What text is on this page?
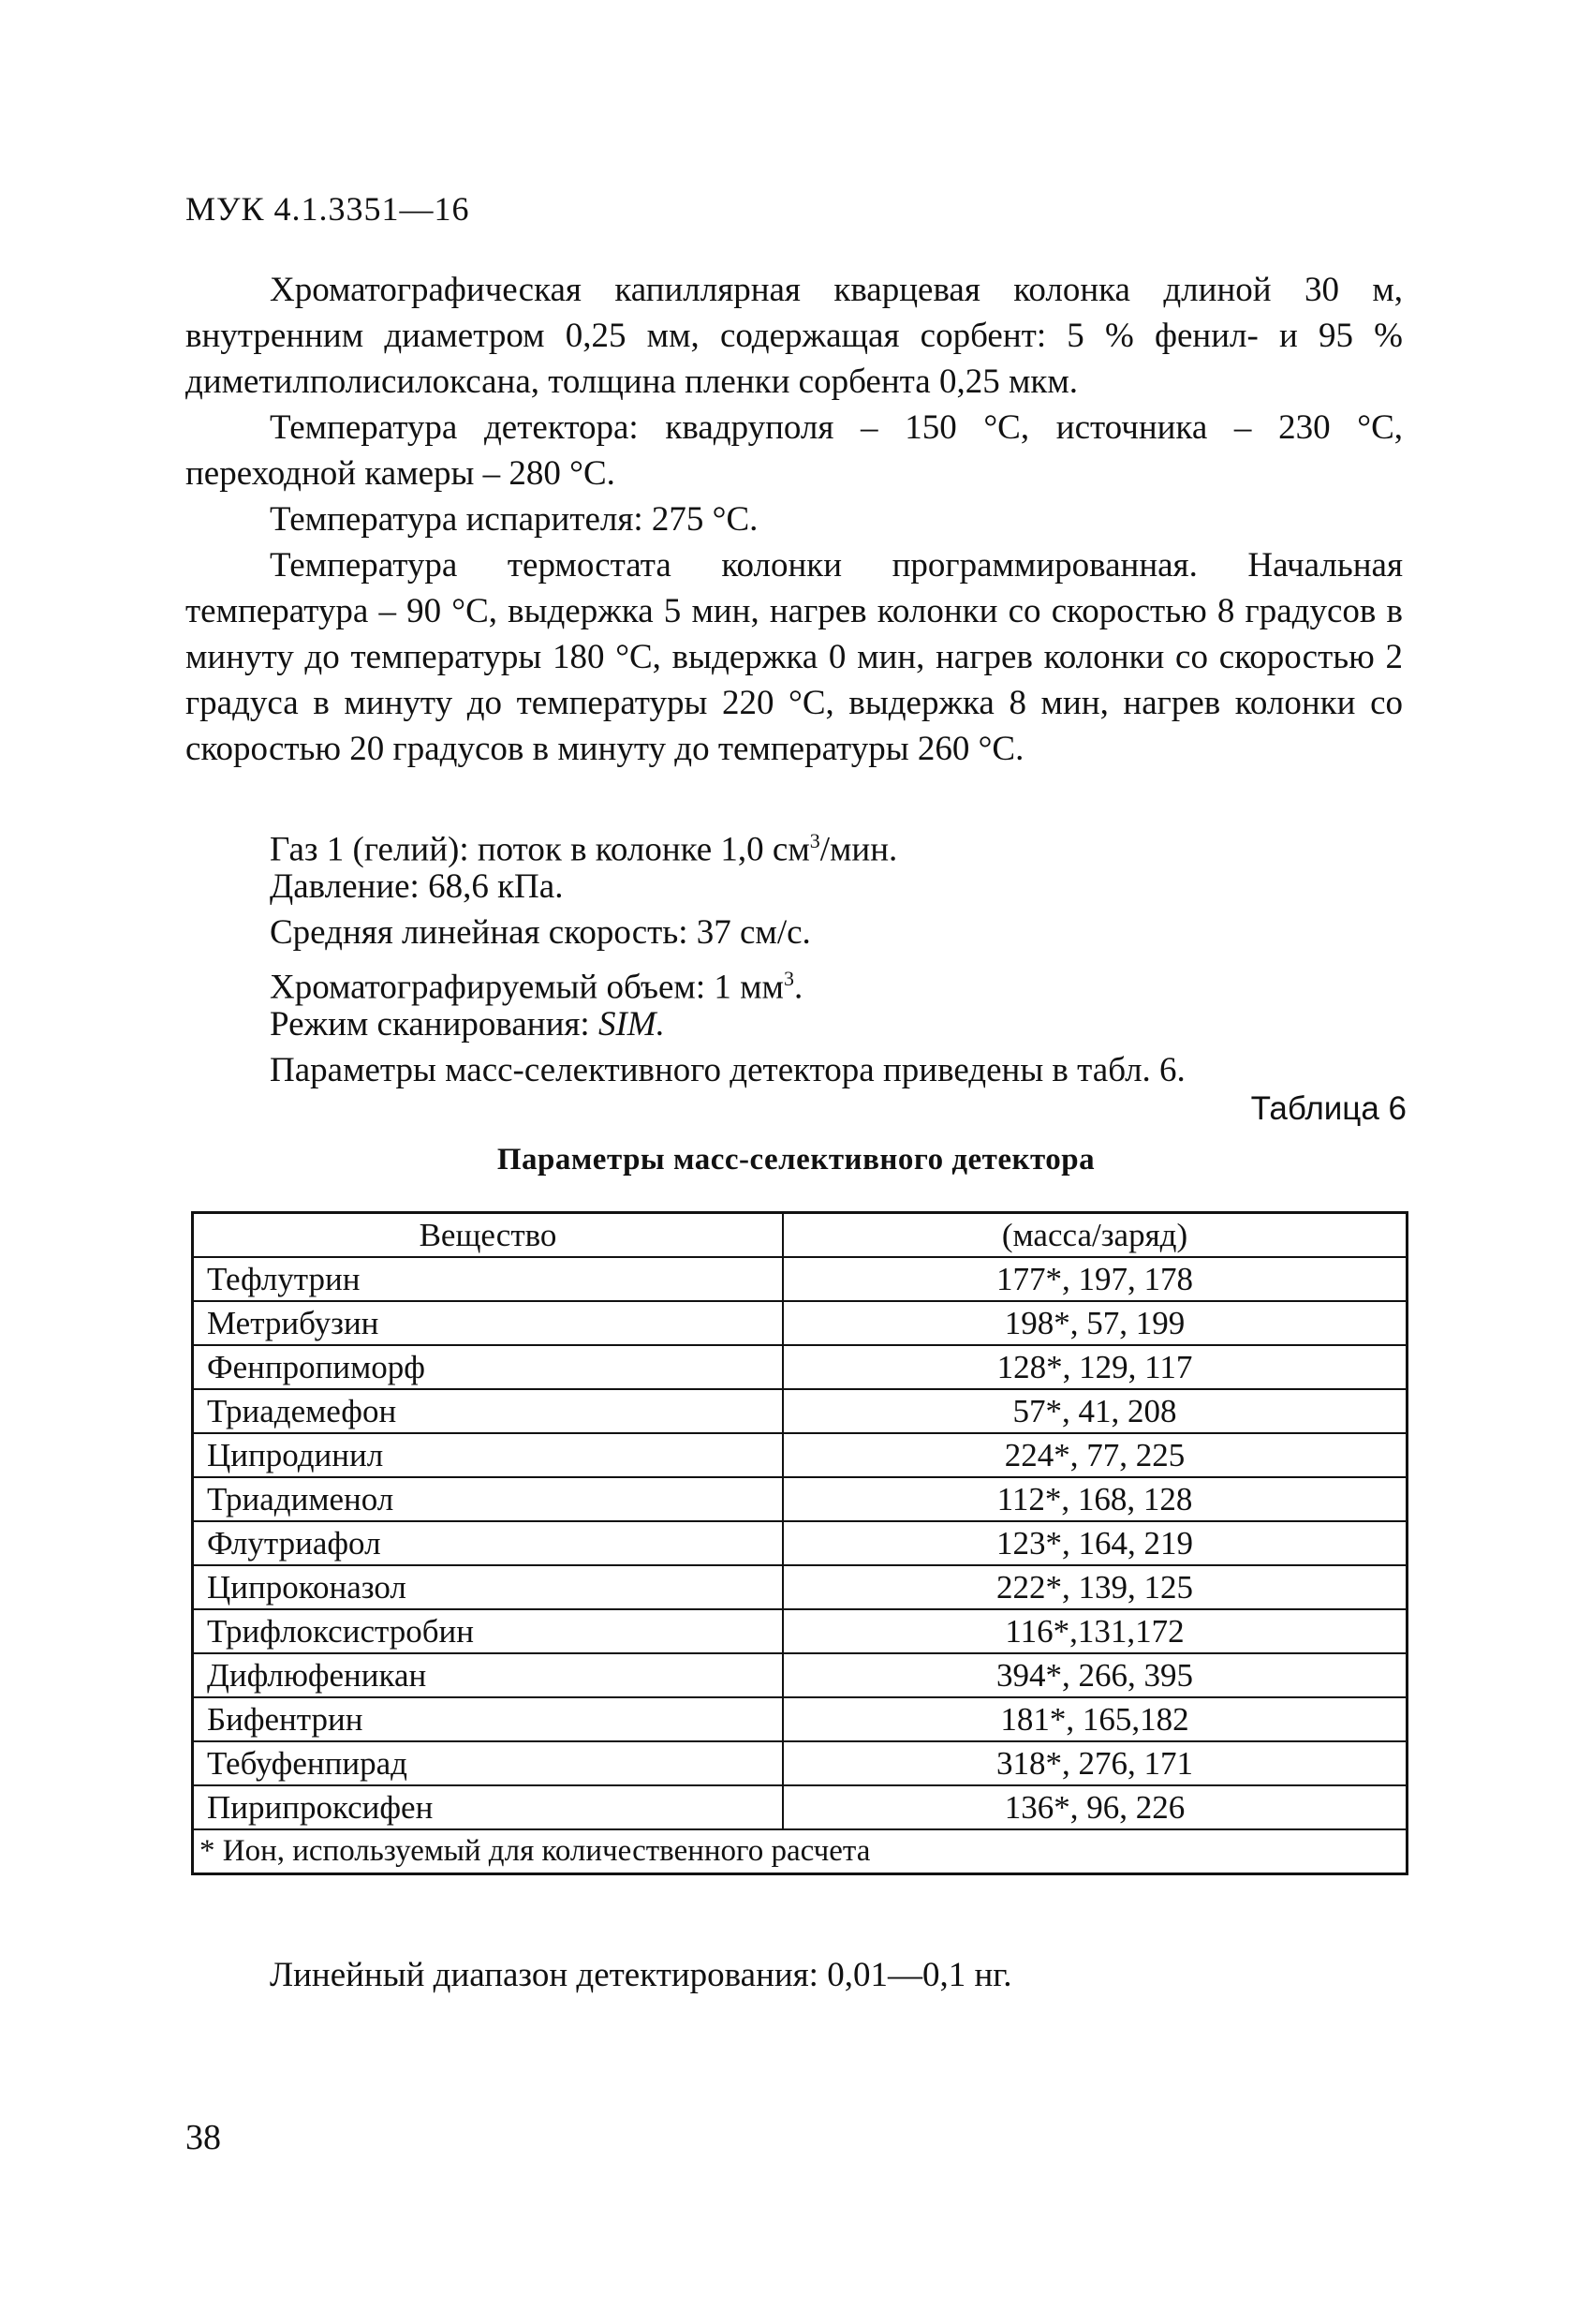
МУК 4.1.3351—16
Хроматографическая капиллярная кварцевая колонка длиной 30 м, внутренним диаметром 0,25 мм, содержащая сорбент: 5 % фенил- и 95 % диметилполисилоксана, толщина пленки сорбента 0,25 мкм.
Температура детектора: квадруполя – 150 °С, источника – 230 °С, переходной камеры – 280 °С.
Температура испарителя: 275 °С.
Температура термостата колонки программированная. Начальная температура – 90 °С, выдержка 5 мин, нагрев колонки со скоростью 8 градусов в минуту до температуры 180 °С, выдержка 0 мин, нагрев колонки со скоростью 2 градуса в минуту до температуры 220 °С, выдержка 8 мин, нагрев колонки со скоростью 20 градусов в минуту до температуры 260 °С.
Газ 1 (гелий): поток в колонке 1,0 $см^3$/мин.
Давление: 68,6 кПа.
Средняя линейная скорость: 37 см/с.
Хроматографируемый объем: 1 $мм^3$.
Режим сканирования: SIM.
Параметры масс-селективного детектора приведены в табл. 6.
Таблица 6
Параметры масс-селективного детектора
Вещество	(масса/заряд)
Тефлутрин	177*, 197, 178
Метрибузин	198*, 57, 199
Фенпропиморф	128*, 129, 117
Триадемефон	57*, 41, 208
Ципродинил	224*, 77, 225
Триадименол	112*, 168, 128
Флутриафол	123*, 164, 219
Ципроконазол	222*, 139, 125
Трифлоксистробин	116*,131,172
Дифлюфеникан	394*, 266, 395
Бифентрин	181*, 165,182
Тебуфенпирад	318*, 276, 171
Пирипроксифен	136*, 96, 226
* Ион, используемый для количественного расчета	
Линейный диапазон детектирования: 0,01—0,1 нг.
38
